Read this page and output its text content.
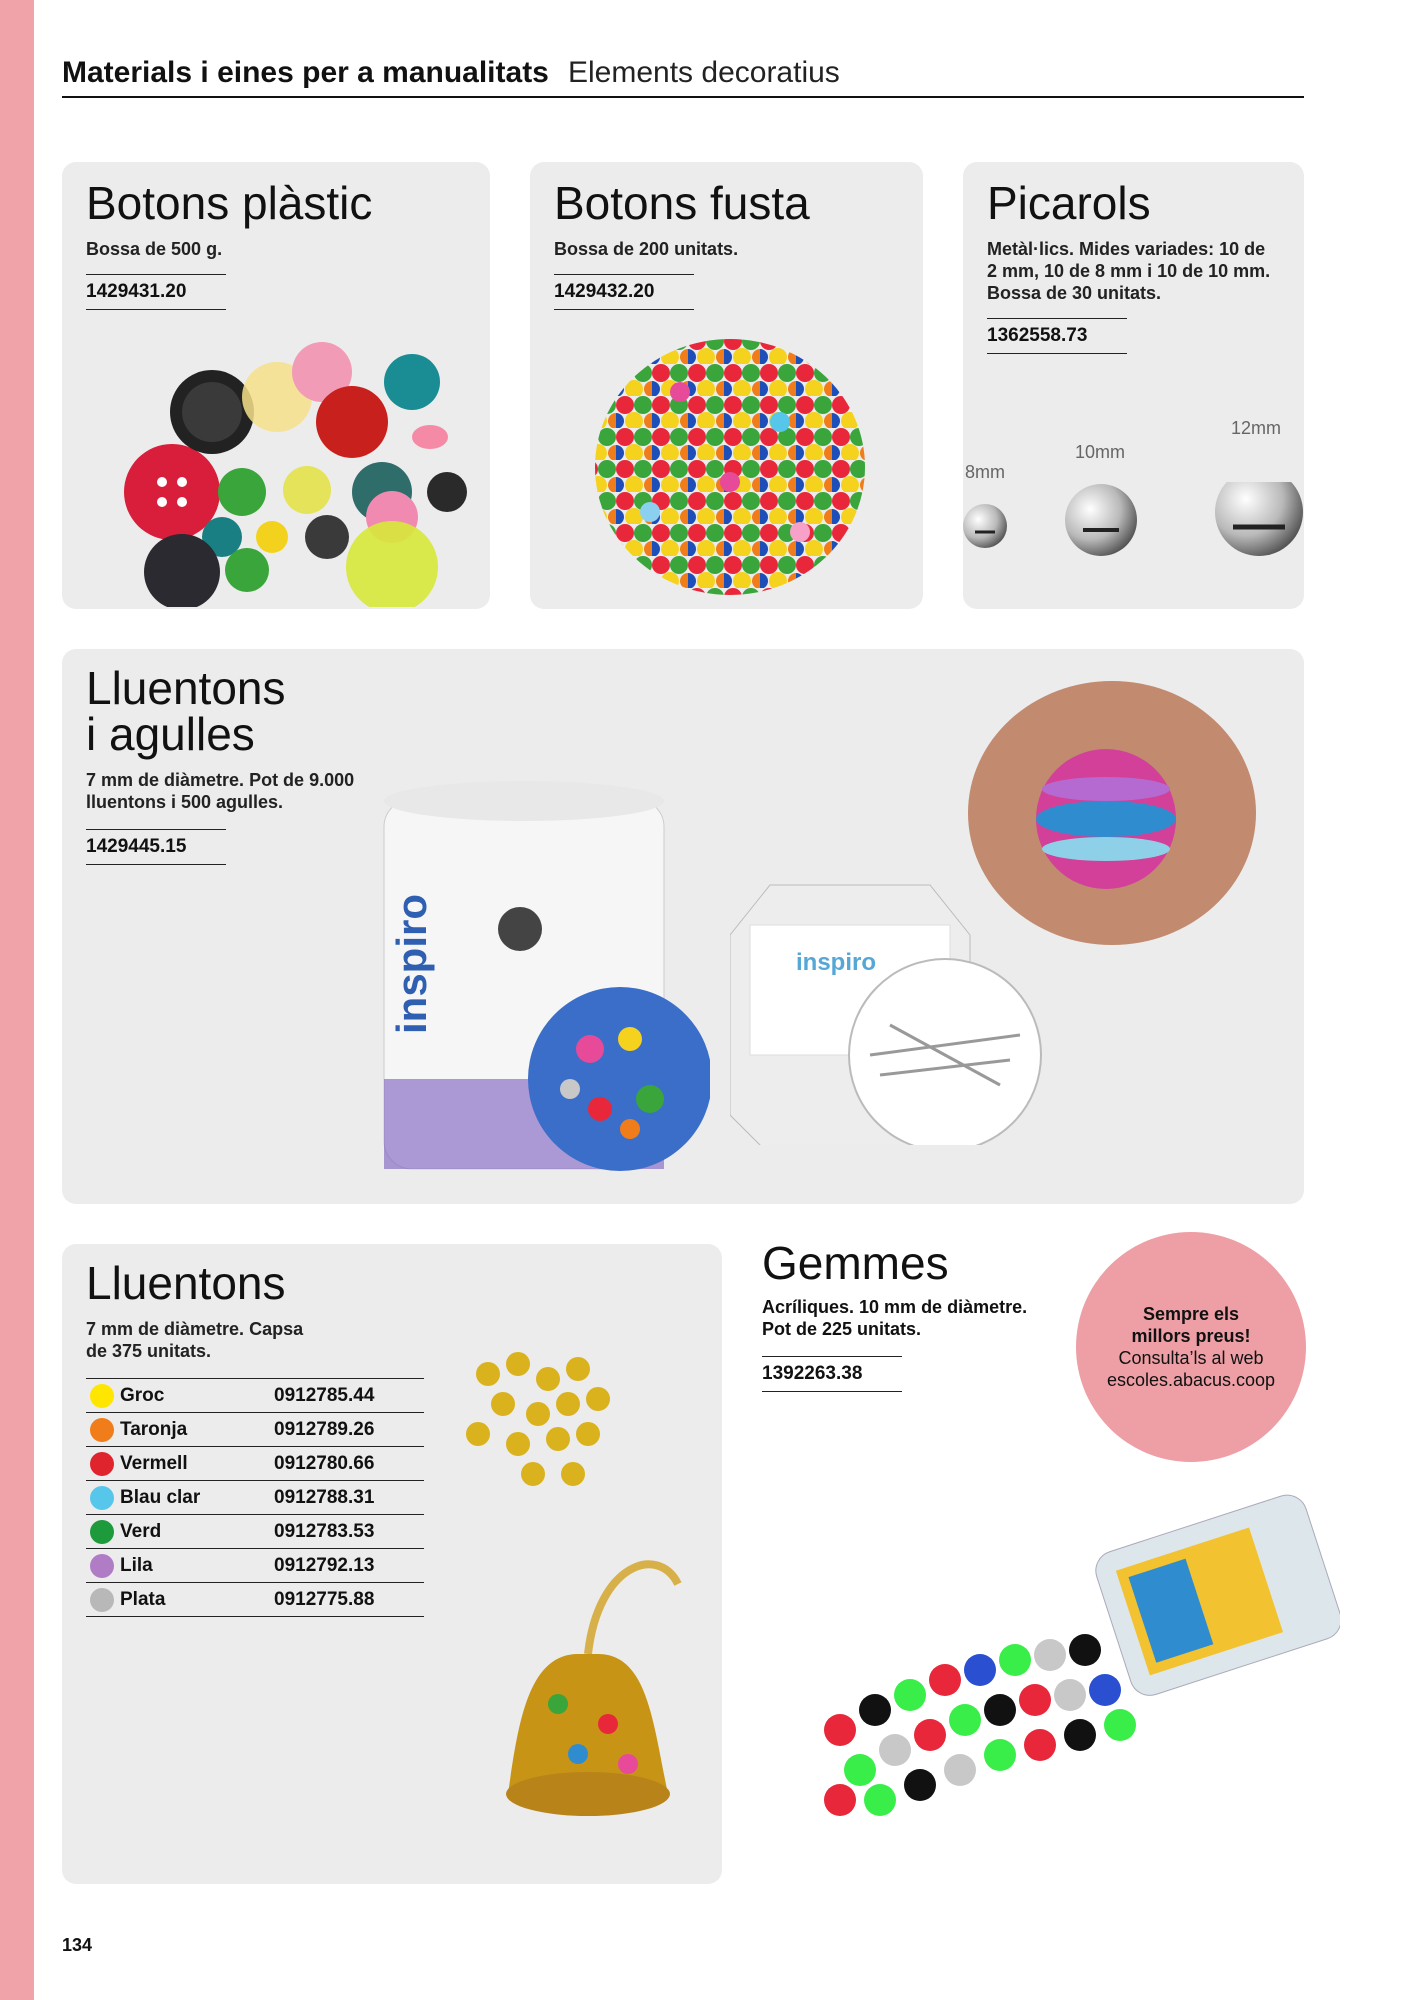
Materials i eines per a manualitats Elements decoratius
Botons plàstic
Bossa de 500 g.
1429431.20
Botons fusta
Bossa de 200 unitats.
1429432.20
Picarols
Metàl·lics. Mides variades: 10 de
2 mm, 10 de 8 mm i 10 de 10 mm.
Bossa de 30 unitats.
1362558.73
8mm
10mm
12mm
Lluentons
i agulles
7 mm de diàmetre. Pot de 9.000
lluentons i 500 agulles.
1429445.15
inspiro	inspiro
Lluentons
7 mm de diàmetre. Capsa
de 375 unitats.
Groc	0912785.44
Taronja	0912789.26
Vermell	0912780.66
Blau clar	0912788.31
Verd	0912783.53
Lila	0912792.13
Plata	0912775.88
Gemmes
Acríliques. 10 mm de diàmetre.
Pot de 225 unitats.
1392263.38
Sempre els
millors preus!
Consulta’ls al web
escoles.abacus.coop
134
